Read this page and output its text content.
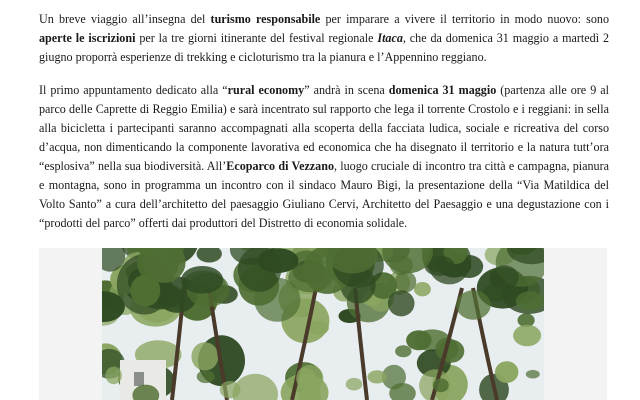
Un breve viaggio all’insegna del turismo responsabile per imparare a vivere il territorio in modo nuovo: sono aperte le iscrizioni per la tre giorni itinerante del festival regionale Itaca, che da domenica 31 maggio a martedì 2 giugno proporrà esperienze di trekking e cicloturismo tra la pianura e l’Appennino reggiano.

Il primo appuntamento dedicato alla “rural economy” andrà in scena domenica 31 maggio (partenza alle ore 9 al parco delle Caprette di Reggio Emilia) e sarà incentrato sul rapporto che lega il torrente Crostolo e i reggiani: in sella alla bicicletta i partecipanti saranno accompagnati alla scoperta della facciata ludica, sociale e ricreativa del corso d’acqua, non dimenticando la componente lavorativa ed economica che ha disegnato il territorio e la natura tutt’ora “esplosiva” nella sua biodiversità. All’Ecoparco di Vezzano, luogo cruciale di incontro tra città e campagna, pianura e montagna, sono in programma un incontro con il sindaco Mauro Bigi, la presentazione della “Via Matildica del Volto Santo” a cura dell’architetto del paesaggio Giuliano Cervi, Architetto del Paesaggio e una degustazione con i “prodotti del parco” offerti dai produttori del Distretto di economia solidale.
